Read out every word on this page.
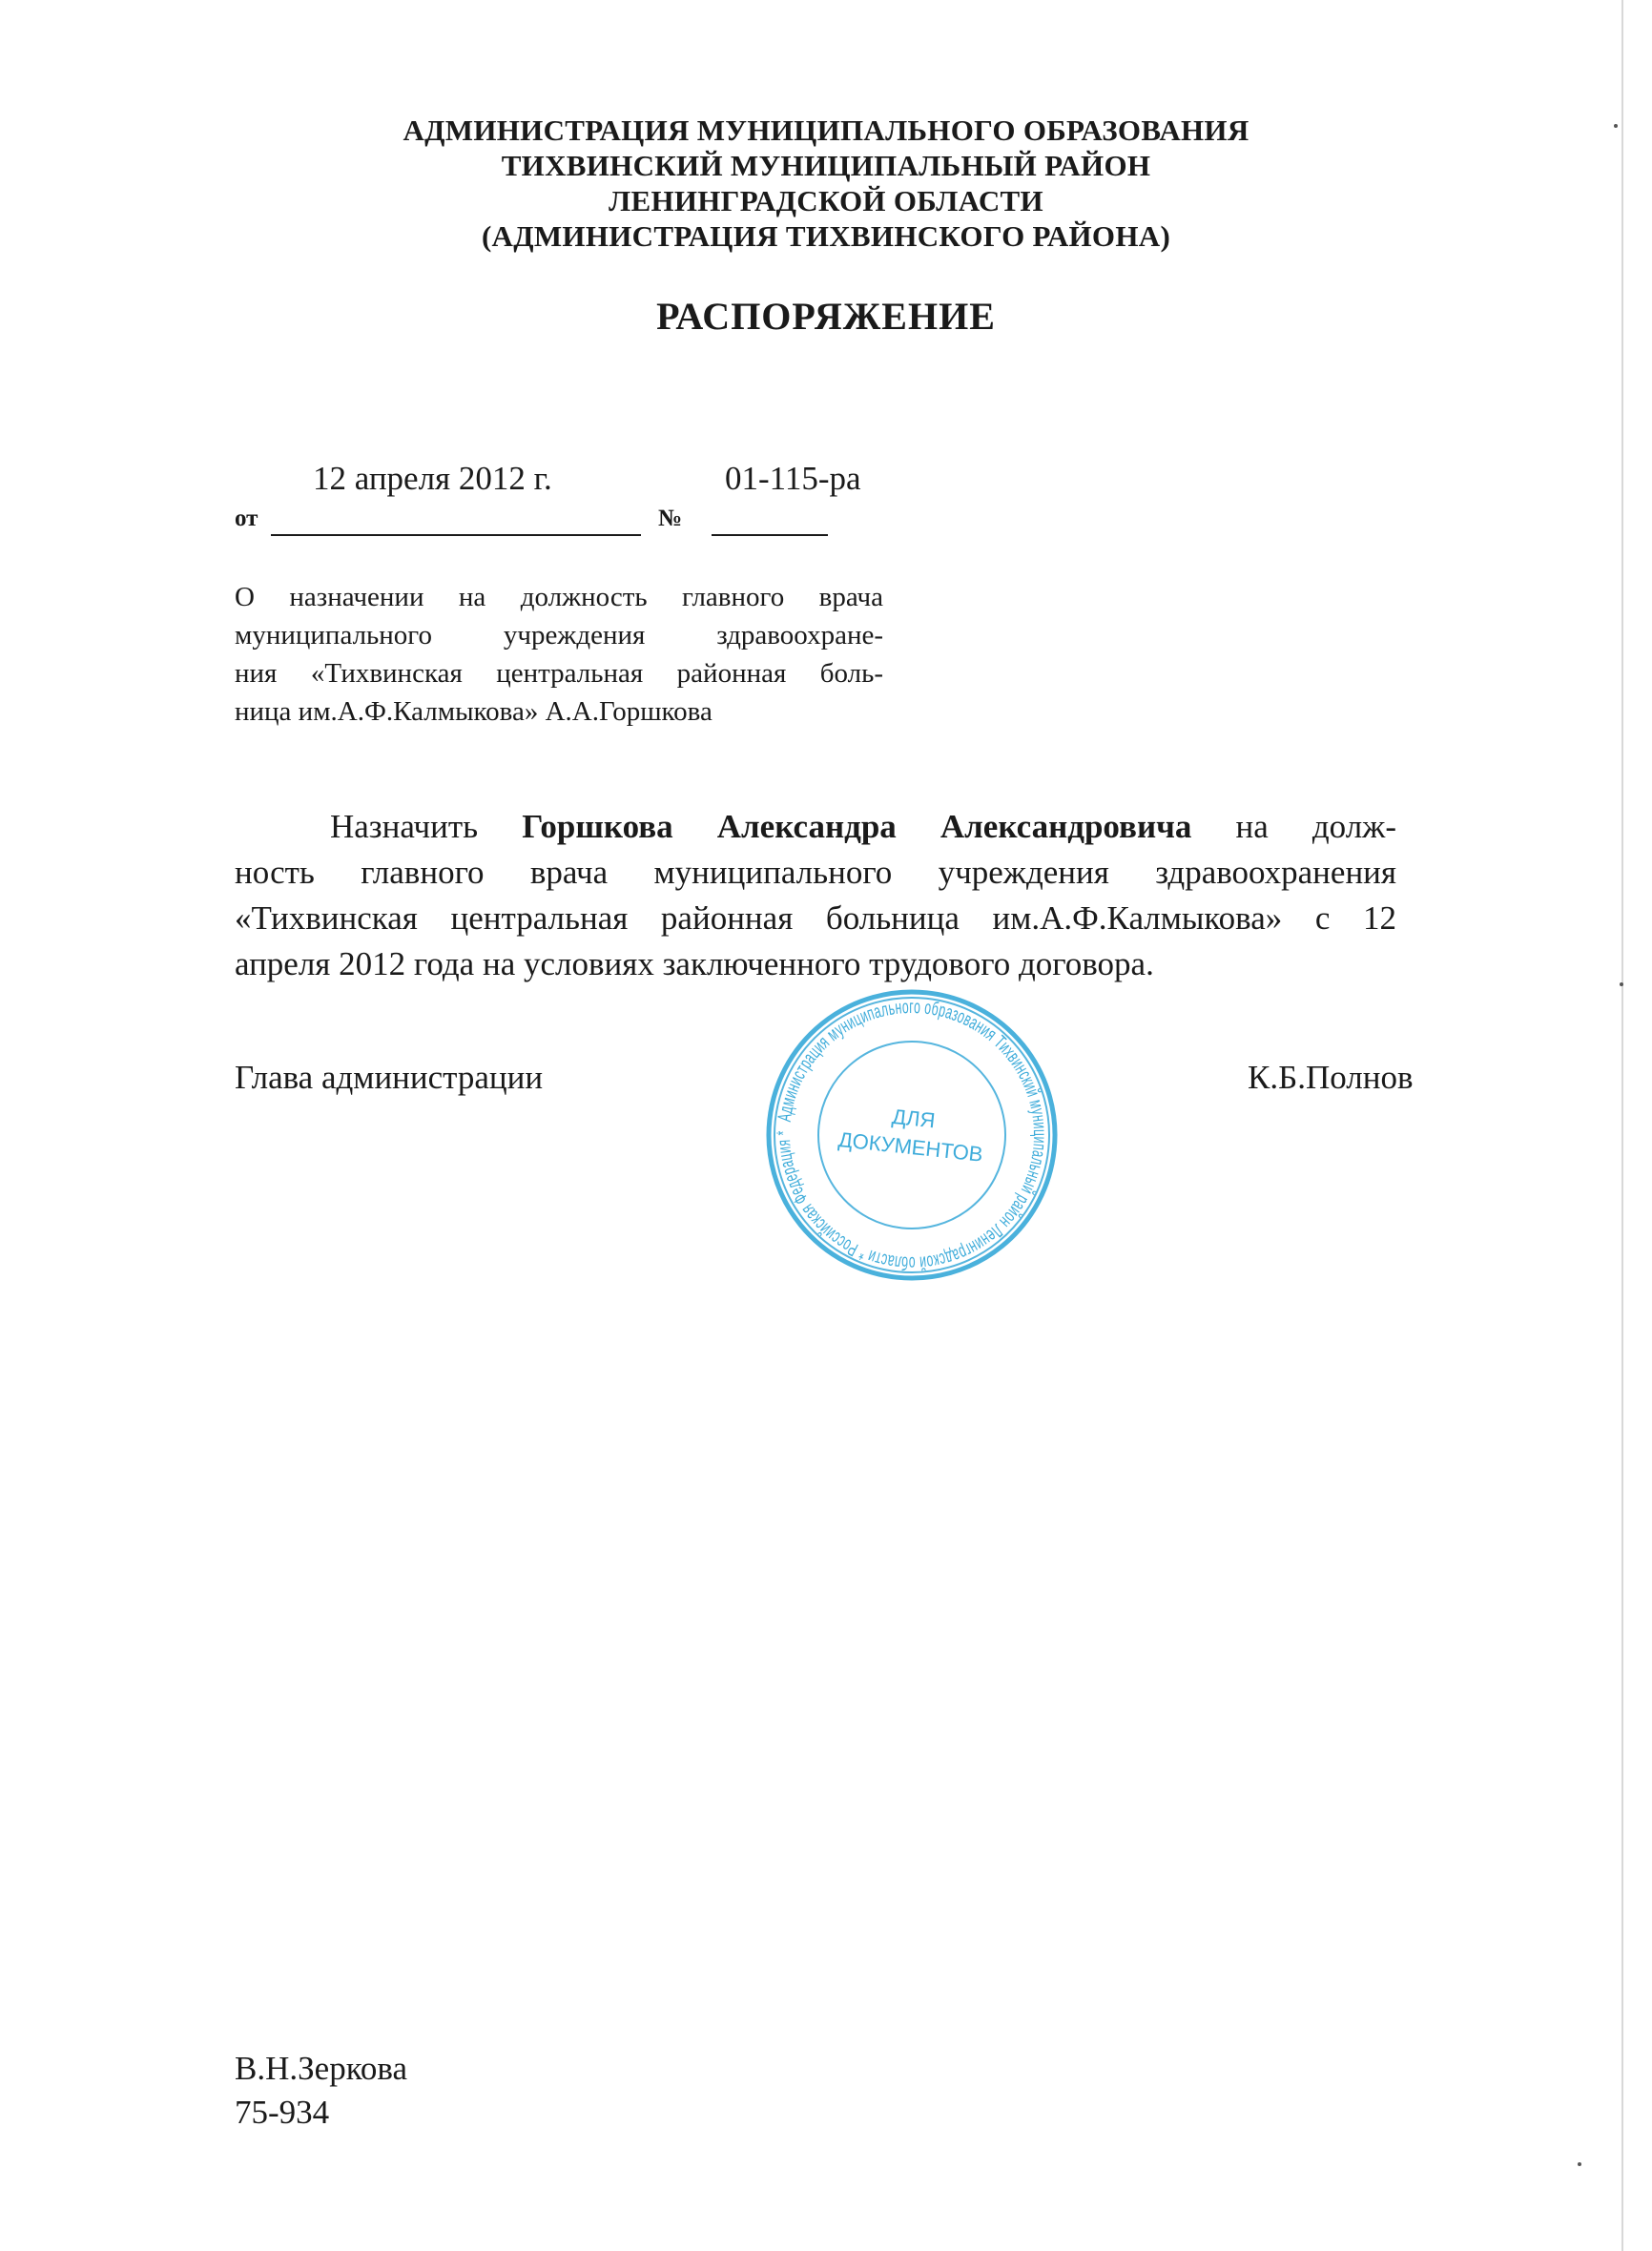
АДМИНИСТРАЦИЯ МУНИЦИПАЛЬНОГО ОБРАЗОВАНИЯ
ТИХВИНСКИЙ МУНИЦИПАЛЬНЫЙ РАЙОН
ЛЕНИНГРАДСКОЙ ОБЛАСТИ
(АДМИНИСТРАЦИЯ ТИХВИНСКОГО РАЙОНА)
РАСПОРЯЖЕНИЕ
12 апреля 2012 г.	01-115-ра
от	№
О назначении на должность главного врача
муниципального учреждения здравоохране-
ния «Тихвинская центральная районная боль-
ница им.А.Ф.Калмыкова» А.А.Горшкова
Назначить Горшкова Александра Александровича на долж-
ность главного врача муниципального учреждения здравоохранения
«Тихвинская центральная районная больница им.А.Ф.Калмыкова» с 12
апреля 2012 года на условиях заключенного трудового договора.
Глава администрации	К.Б.Полнов
Администрация муниципального образования Тихвинский муниципальный район Ленинградской области * Российская Федерация *	ДЛЯ
ДОКУМЕНТОВ
В.Н.Зеркова
75-934
